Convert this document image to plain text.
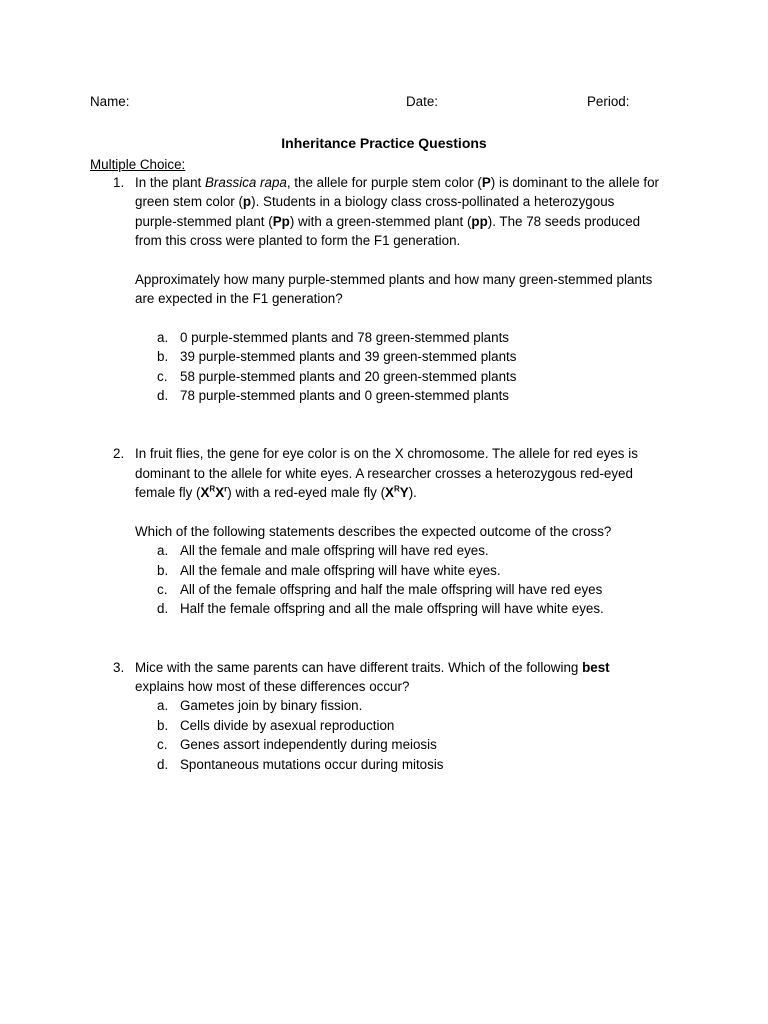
Name:	Date:	Period:
Inheritance Practice Questions
Multiple Choice:
1. In the plant Brassica rapa, the allele for purple stem color (P) is dominant to the allele for
green stem color (p). Students in a biology class cross-pollinated a heterozygous
purple-stemmed plant (Pp) with a green-stemmed plant (pp). The 78 seeds produced
from this cross were planted to form the F1 generation.
Approximately how many purple-stemmed plants and how many green-stemmed plants
are expected in the F1 generation?
a. 0 purple-stemmed plants and 78 green-stemmed plants
b. 39 purple-stemmed plants and 39 green-stemmed plants
c. 58 purple-stemmed plants and 20 green-stemmed plants
d. 78 purple-stemmed plants and 0 green-stemmed plants
2. In fruit flies, the gene for eye color is on the X chromosome. The allele for red eyes is
dominant to the allele for white eyes. A researcher crosses a heterozygous red-eyed
female fly $(X^RX^r)$ with a red-eyed male fly $(X^RY)$.
Which of the following statements describes the expected outcome of the cross?
a. All the female and male offspring will have red eyes.
b. All the female and male offspring will have white eyes.
c. All of the female offspring and half the male offspring will have red eyes
d. Half the female offspring and all the male offspring will have white eyes.
3. Mice with the same parents can have different traits. Which of the following best
explains how most of these differences occur?
a. Gametes join by binary fission.
b. Cells divide by asexual reproduction
c. Genes assort independently during meiosis
d. Spontaneous mutations occur during mitosis
